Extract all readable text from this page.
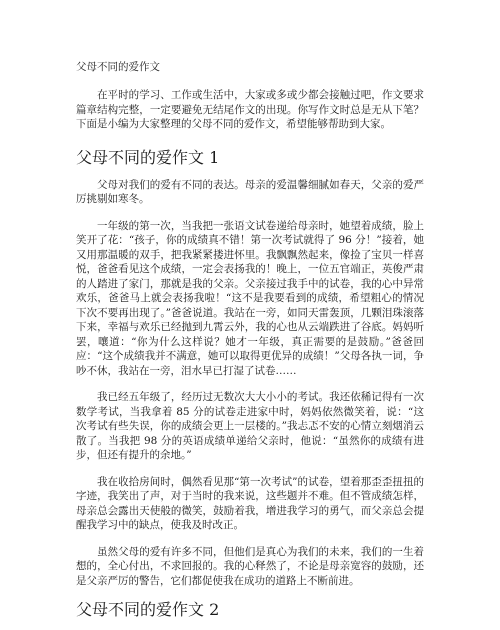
父母不同的爱作文

在平时的学习、工作或生活中，大家或多或少都会接触过吧，作文要求篇章结构完整，一定要避免无结尾作文的出现。你写作文时总是无从下笔？下面是小编为大家整理的父母不同的爱作文，希望能够帮助到大家。

父母不同的爱作文 1

父母对我们的爱有不同的表达。母亲的爱温馨细腻如春天，父亲的爱严厉挑剔如寒冬。

一年级的第一次，当我把一张语文试卷递给母亲时，她望着成绩，脸上笑开了花：“孩子，你的成绩真不错！第一次考试就得了 96 分！”接着，她又用那温暖的双手，把我紧紧搂进怀里。我飘飘然起来，像捡了宝贝一样喜悦，爸爸看见这个成绩，一定会表扬我的！晚上，一位五官端正，英俊严肃的人踏进了家门，那就是我的父亲。父亲接过我手中的试卷，我的心中异常欢乐，爸爸马上就会表扬我啦！“这不是我要看到的成绩，希望粗心的情况下次不要再出现了。”爸爸说道。我站在一旁，如同天雷轰顶，几颗泪珠滚落下来，幸福与欢乐已经抛到九霄云外，我的心也从云端跌进了谷底。妈妈听罢，嚷道：“你为什么这样说？她才一年级，真正需要的是鼓励。”爸爸回应：“这个成绩我并不满意，她可以取得更优异的成绩！”父母各执一词，争吵不休，我站在一旁，泪水早已打湿了试卷……

我已经五年级了，经历过无数次大大小小的考试。我还依稀记得有一次数学考试，当我拿着 85 分的试卷走进家中时，妈妈依然微笑着，说：“这次考试有些失误，你的成绩会更上一层楼的。”我忐忑不安的心情立刻烟消云散了。当我把 98 分的英语成绩单递给父亲时，他说：“虽然你的成绩有进步，但还有提升的余地。”

我在收拾房间时，偶然看见那“第一次考试”的试卷，望着那歪歪扭扭的字迹，我笑出了声，对于当时的我来说，这些题并不难。但不管成绩怎样，母亲总会露出天使般的微笑，鼓励着我，增进我学习的勇气，而父亲总会提醒我学习中的缺点，使我及时改正。

虽然父母的爱有许多不同，但他们是真心为我们的未来，我们的一生着想的，全心付出，不求回报的。我的心释然了，不论是母亲宽容的鼓励，还是父亲严厉的警告，它们都促使我在成功的道路上不断前进。

父母不同的爱作文 2
